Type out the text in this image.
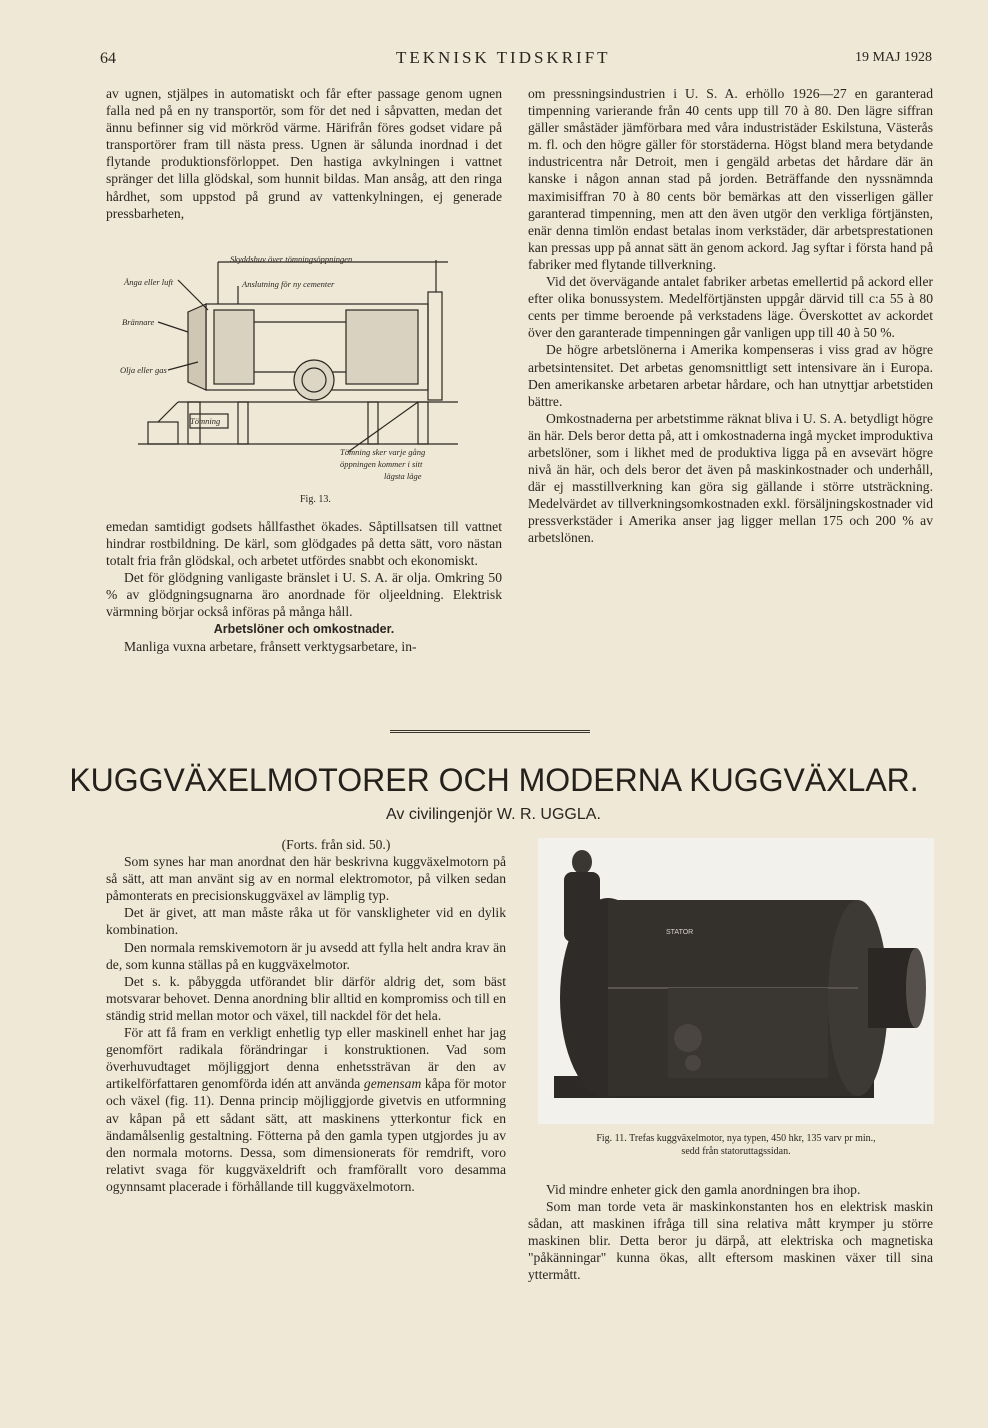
64	TEKNISK TIDSKRIFT	19 MAJ 1928

av ugnen, stjälpes in automatiskt och får efter passage genom ugnen falla ned på en ny transportör, som för det ned i såpvatten, medan det ännu befinner sig vid mörkröd värme. Härifrån föres godset vidare på transportörer fram till nästa press. Ugnen är sålunda inordnad i det flytande produktionsförloppet. Den hastiga avkylningen i vattnet spränger det lilla glödskal, som hunnit bildas. Man ansåg, att den ringa hårdhet, som uppstod på grund av vattenkylningen, ej generade pressbarheten,

Skyddshuv över tömningsöppningen
Ånga eller luft	Anslutning för ny cementer
Brännare
Olja eller gas
Tömning
Tömning sker varje gång
öppningen kommer i sitt
lägsta läge
Fig. 13.

emedan samtidigt godsets hållfasthet ökades. Såptillsatsen till vattnet hindrar rostbildning. De kärl, som glödgades på detta sätt, voro nästan totalt fria från glödskal, och arbetet utfördes snabbt och ekonomiskt.

Det för glödgning vanligaste bränslet i U. S. A. är olja. Omkring 50 % av glödgningsugnarna äro anordnade för oljeeldning. Elektrisk värmning börjar också införas på många håll.

Arbetslöner och omkostnader.

Manliga vuxna arbetare, frånsett verktygsarbetare, in-

om pressningsindustrien i U. S. A. erhöllo 1926—27 en garanterad timpenning varierande från 40 cents upp till 70 à 80. Den lägre siffran gäller småstäder jämförbara med våra industristäder Eskilstuna, Västerås m. fl. och den högre gäller för storstäderna. Högst bland mera betydande industricentra når Detroit, men i gengäld arbetas det hårdare där än kanske i någon annan stad på jorden. Beträffande den nyssnämnda maximisiffran 70 à 80 cents bör bemärkas att den visserligen gäller garanterad timpenning, men att den även utgör den verkliga förtjänsten, enär denna timlön endast betalas inom verkstäder, där arbetsprestationen kan pressas upp på annat sätt än genom ackord. Jag syftar i första hand på fabriker med flytande tillverkning.

Vid det övervägande antalet fabriker arbetas emellertid på ackord eller efter olika bonussystem. Medelförtjänsten uppgår därvid till c:a 55 à 80 cents per timme beroende på verkstadens läge. Överskottet av ackordet över den garanterade timpenningen går vanligen upp till 40 à 50 %.

De högre arbetslönerna i Amerika kompenseras i viss grad av högre arbetsintensitet. Det arbetas genomsnittligt sett intensivare än i Europa. Den amerikanske arbetaren arbetar hårdare, och han utnyttjar arbetstiden bättre.

Omkostnaderna per arbetstimme räknat bliva i U. S. A. betydligt högre än här. Dels beror detta på, att i omkostnaderna ingå mycket improduktiva arbetslöner, som i likhet med de produktiva ligga på en avsevärt högre nivå än här, och dels beror det även på maskinkostnader och underhåll, där ej masstillverkning kan göra sig gällande i större utsträckning. Medelvärdet av tillverkningsomkostnaden exkl. försäljningskostnader vid pressverkstäder i Amerika anser jag ligger mellan 175 och 200 % av arbetslönen.

KUGGVÄXELMOTORER OCH MODERNA KUGGVÄXLAR.
Av civilingenjör W. R. UGGLA.

(Forts. från sid. 50.)

Som synes har man anordnat den här beskrivna kuggväxelmotorn på så sätt, att man använt sig av en normal elektromotor, på vilken sedan påmonterats en precisionskuggväxel av lämplig typ.

Det är givet, att man måste råka ut för vanskligheter vid en dylik kombination.

Den normala remskivemotorn är ju avsedd att fylla helt andra krav än de, som kunna ställas på en kuggväxelmotor.

Det s. k. påbyggda utförandet blir därför aldrig det, som bäst motsvarar behovet. Denna anordning blir alltid en kompromiss och till en ständig strid mellan motor och växel, till nackdel för det hela.

För att få fram en verkligt enhetlig typ eller maskinell enhet har jag genomfört radikala förändringar i konstruktionen. Vad som överhuvudtaget möjliggjort denna enhetssträvan är den av artikelförfattaren genomförda idén att använda gemensam kåpa för motor och växel (fig. 11). Denna princip möjliggjorde givetvis en utformning av kåpan på ett sådant sätt, att maskinens ytterkontur fick en ändamålsenlig gestaltning. Fötterna på den gamla typen utgjordes ju av den normala motorns. Dessa, som dimensionerats för remdrift, voro relativt svaga för kuggväxeldrift och framförallt voro desamma ogynnsamt placerade i förhållande till kuggväxelmotorn.

STATOR
Fig. 11. Trefas kuggväxelmotor, nya typen, 450 hkr, 135 varv pr min.,
sedd från statoruttagssidan.

Vid mindre enheter gick den gamla anordningen bra ihop.

Som man torde veta är maskinkonstanten hos en elektrisk maskin sådan, att maskinen ifråga till sina relativa mått krymper ju större maskinen blir. Detta beror ju därpå, att elektriska och magnetiska "påkänningar" kunna ökas, allt eftersom maskinen växer till sina yttermått.
